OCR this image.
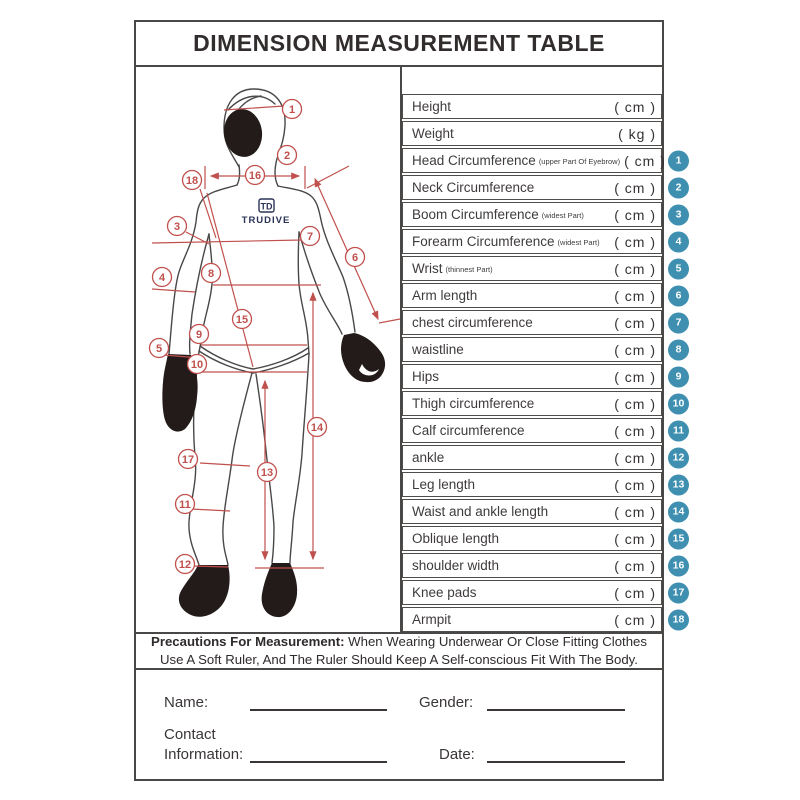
DIMENSION MEASUREMENT TABLE
TD
TRUDIVE
1
2
3
4
5
6
7
8
9
10
11
12
13
14
15
16
17
18
Height	( cm )
Weight	( kg )
Head Circumference (upper Part Of Eyebrow) ( cm ) 1
Neck Circumference	( cm )	2
Boom Circumference (widest Part) ( cm )	3
Forearm Circumference (widest Part) ( cm )	4
Wrist (thinnest Part)	( cm )	5
Arm length	( cm )	6
chest circumference	( cm )	7
waistline	( cm )	8
Hips	( cm )	9
Thigh circumference	( cm )	10
Calf circumference	( cm )	11
ankle	( cm )	12
Leg length	( cm )	13
Waist and ankle length	( cm )	14
Oblique length	( cm )	15
shoulder width	( cm )	16
Knee pads	( cm )	17
Armpit	( cm )	18

Precautions For Measurement: When Wearing Underwear Or Close Fitting Clothes
Use A Soft Ruler, And The Ruler Should Keep A Self-conscious Fit With The Body.

Name:	Gender:
Contact
Information:	Date:
